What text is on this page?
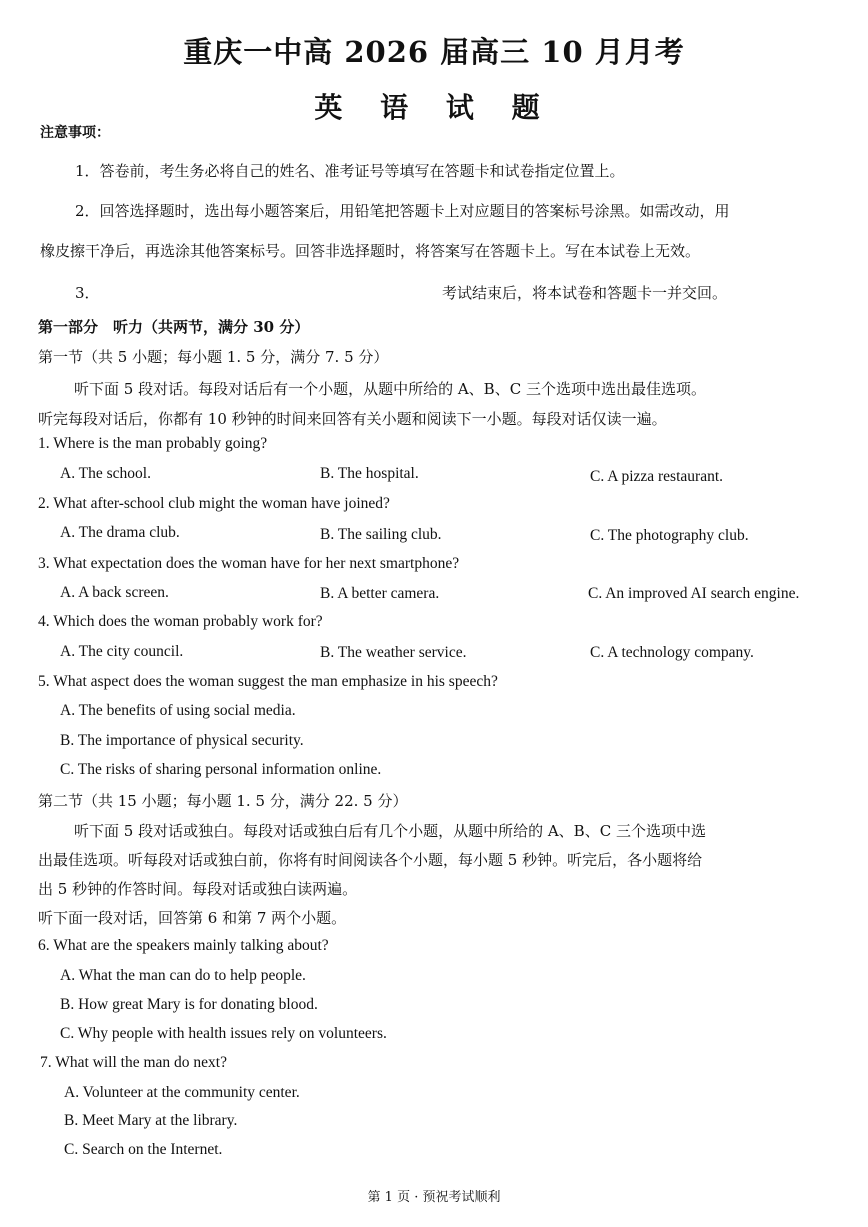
重庆一中高 2026 届高三 10 月月考
英 语 试 题
注意事项：
1．答卷前，考生务必将自己的姓名、准考证号等填写在答题卡和试卷指定位置上。
2．回答选择题时，选出每小题答案后，用铅笔把答题卡上对应题目的答案标号涂黑。如需改动，用
橡皮擦干净后，再选涂其他答案标号。回答非选择题时，将答案写在答题卡上。写在本试卷上无效。
3．	考试结束后，将本试卷和答题卡一并交回。
第一部分　听力（共两节，满分 30 分）
第一节（共 5 小题；每小题 1. 5 分，满分 7. 5 分）
听下面 5 段对话。每段对话后有一个小题，从题中所给的 A、B、C 三个选项中选出最佳选项。
听完每段对话后，你都有 10 秒钟的时间来回答有关小题和阅读下一小题。每段对话仅读一遍。
1. Where is the man probably going?
A. The school.	B. The hospital.	C. A pizza restaurant.
2. What after-school club might the woman have joined?
A. The drama club.	B. The sailing club.	C. The photography club.
3. What expectation does the woman have for her next smartphone?
A. A back screen.	B. A better camera.	C. An improved AI search engine.
4. Which does the woman probably work for?
A. The city council.	B. The weather service.	C. A technology company.
5. What aspect does the woman suggest the man emphasize in his speech?
A. The benefits of using social media.
B. The importance of physical security.
C. The risks of sharing personal information online.
第二节（共 15 小题；每小题 1. 5 分，满分 22. 5 分）
听下面 5 段对话或独白。每段对话或独白后有几个小题，从题中所给的 A、B、C 三个选项中选
出最佳选项。听每段对话或独白前，你将有时间阅读各个小题，每小题 5 秒钟。听完后，各小题将给
出 5 秒钟的作答时间。每段对话或独白读两遍。
听下面一段对话，回答第 6 和第 7 两个小题。
6. What are the speakers mainly talking about?
A. What the man can do to help people.
B. How great Mary is for donating blood.
C. Why people with health issues rely on volunteers.
7. What will the man do next?
A. Volunteer at the community center.
B. Meet Mary at the library.
C. Search on the Internet.
第 1 页 · 预祝考试顺利
